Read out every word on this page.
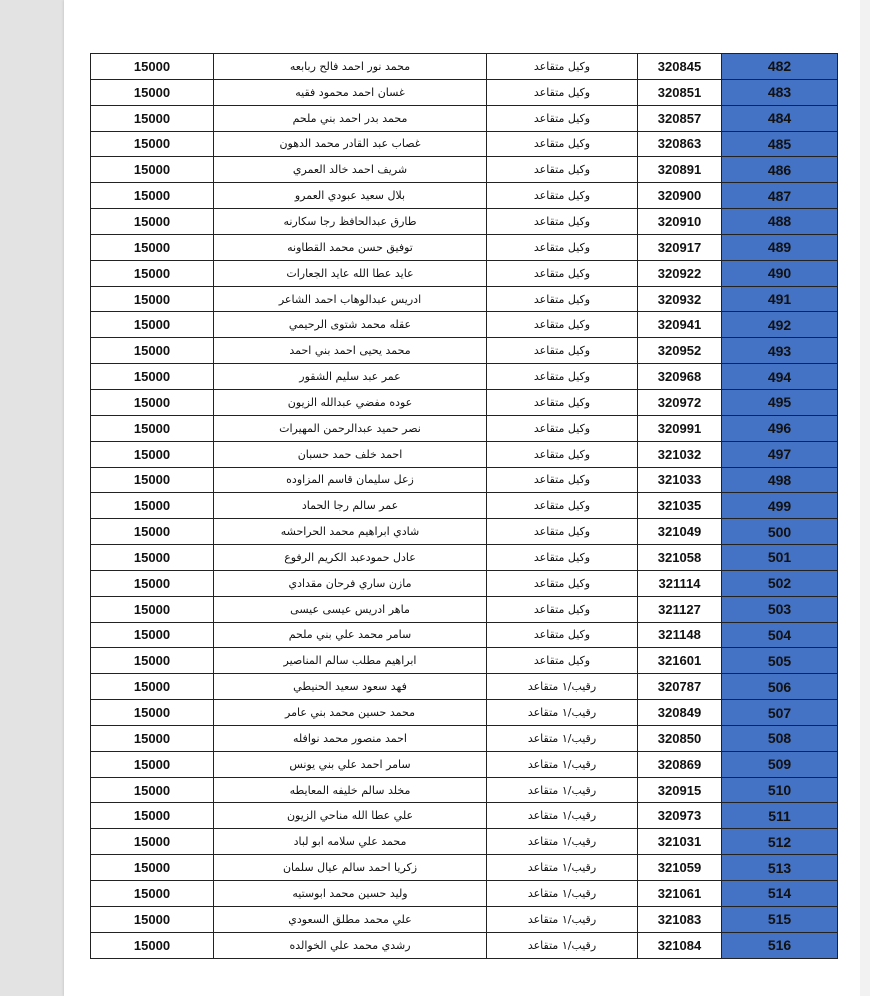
15000	محمد نور احمد فالح ربابعه	وكيل متقاعد	320845	482
15000	غسان احمد محمود فقيه	وكيل متقاعد	320851	483
15000	محمد بدر احمد بني ملحم	وكيل متقاعد	320857	484
15000	غصاب عبد القادر محمد الدهون	وكيل متقاعد	320863	485
15000	شريف احمد خالد العمري	وكيل متقاعد	320891	486
15000	بلال سعيد عبودي العمرو	وكيل متقاعد	320900	487
15000	طارق عبدالحافظ رجا سكارنه	وكيل متقاعد	320910	488
15000	توفيق حسن محمد القطاونه	وكيل متقاعد	320917	489
15000	عايد عطا الله عايد الجعارات	وكيل متقاعد	320922	490
15000	ادريس عبدالوهاب احمد الشاعر	وكيل متقاعد	320932	491
15000	عقله محمد شتوى الرحيمي	وكيل متقاعد	320941	492
15000	محمد يحيى احمد بني احمد	وكيل متقاعد	320952	493
15000	عمر عبد سليم الشقور	وكيل متقاعد	320968	494
15000	عوده مفضي عبدالله الزيون	وكيل متقاعد	320972	495
15000	نصر حميد عبدالرحمن المهيرات	وكيل متقاعد	320991	496
15000	احمد خلف حمد حسبان	وكيل متقاعد	321032	497
15000	زعل سليمان قاسم المزاوده	وكيل متقاعد	321033	498
15000	عمر سالم رجا الحماد	وكيل متقاعد	321035	499
15000	شادي ابراهيم محمد الحراحشه	وكيل متقاعد	321049	500
15000	عادل حمودعبد الكريم الرفوع	وكيل متقاعد	321058	501
15000	مازن ساري فرحان مقدادي	وكيل متقاعد	321114	502
15000	ماهر ادريس عيسى عيسى	وكيل متقاعد	321127	503
15000	سامر محمد علي بني ملحم	وكيل متقاعد	321148	504
15000	ابراهيم مطلب سالم المناصير	وكيل متقاعد	321601	505
15000	فهد سعود سعيد الحنيطي	رقيب/١ متقاعد	320787	506
15000	محمد حسين محمد بني عامر	رقيب/١ متقاعد	320849	507
15000	احمد منصور محمد نوافله	رقيب/١ متقاعد	320850	508
15000	سامر احمد علي بني يونس	رقيب/١ متقاعد	320869	509
15000	مخلد سالم خليفه المعايطه	رقيب/١ متقاعد	320915	510
15000	علي عطا الله مناحي الزيون	رقيب/١ متقاعد	320973	511
15000	محمد علي سلامه ابو لباد	رقيب/١ متقاعد	321031	512
15000	زكريا احمد سالم عيال سلمان	رقيب/١ متقاعد	321059	513
15000	وليد حسين محمد ابوستيه	رقيب/١ متقاعد	321061	514
15000	علي محمد مطلق السعودي	رقيب/١ متقاعد	321083	515
15000	رشدي محمد علي الخوالده	رقيب/١ متقاعد	321084	516
